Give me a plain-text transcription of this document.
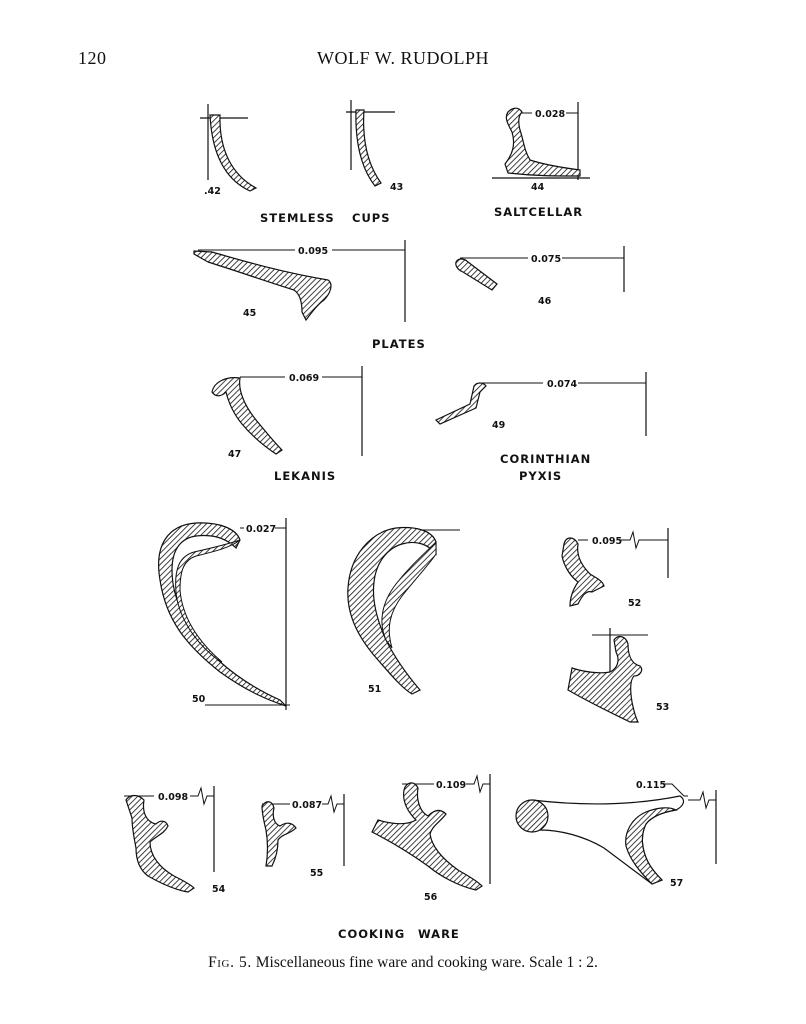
120	WOLF W. RUDOLPH
.42	43
0.028
44
STEMLESS CUPS	SALTCELLAR
0.095
45
0.075
46
PLATES
0.069
47
0.074
49
LEKANIS
CORINTHIAN
PYXIS
0.027
50
51
0.095
52
53
0.098
54
0.087
55
0.109
56
0.115
57
COOKING WARE
Fig. 5. Miscellaneous fine ware and cooking ware. Scale 1 : 2.
